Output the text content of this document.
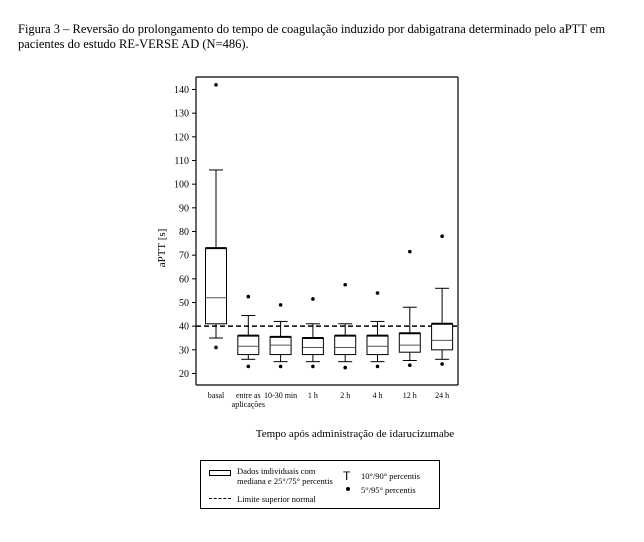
Figura 3 – Reversão do prolongamento do tempo de coagulação induzido por dabigatrana determinado pelo aPTT em pacientes do estudo RE-VERSE AD (N=486).
20
30
40
50
60
70
80
90
100
110
120
130
140
basal entre as
aplicações
10-30 min 1 h	2 h	4 h	12 h 24 h
aPTT [s]
Tempo após administração de idarucizumabe
Dados individuais com
mediana e 25°/75° percentis T 10°/90° percentis
5°/95° percentis
Limite superior normal
